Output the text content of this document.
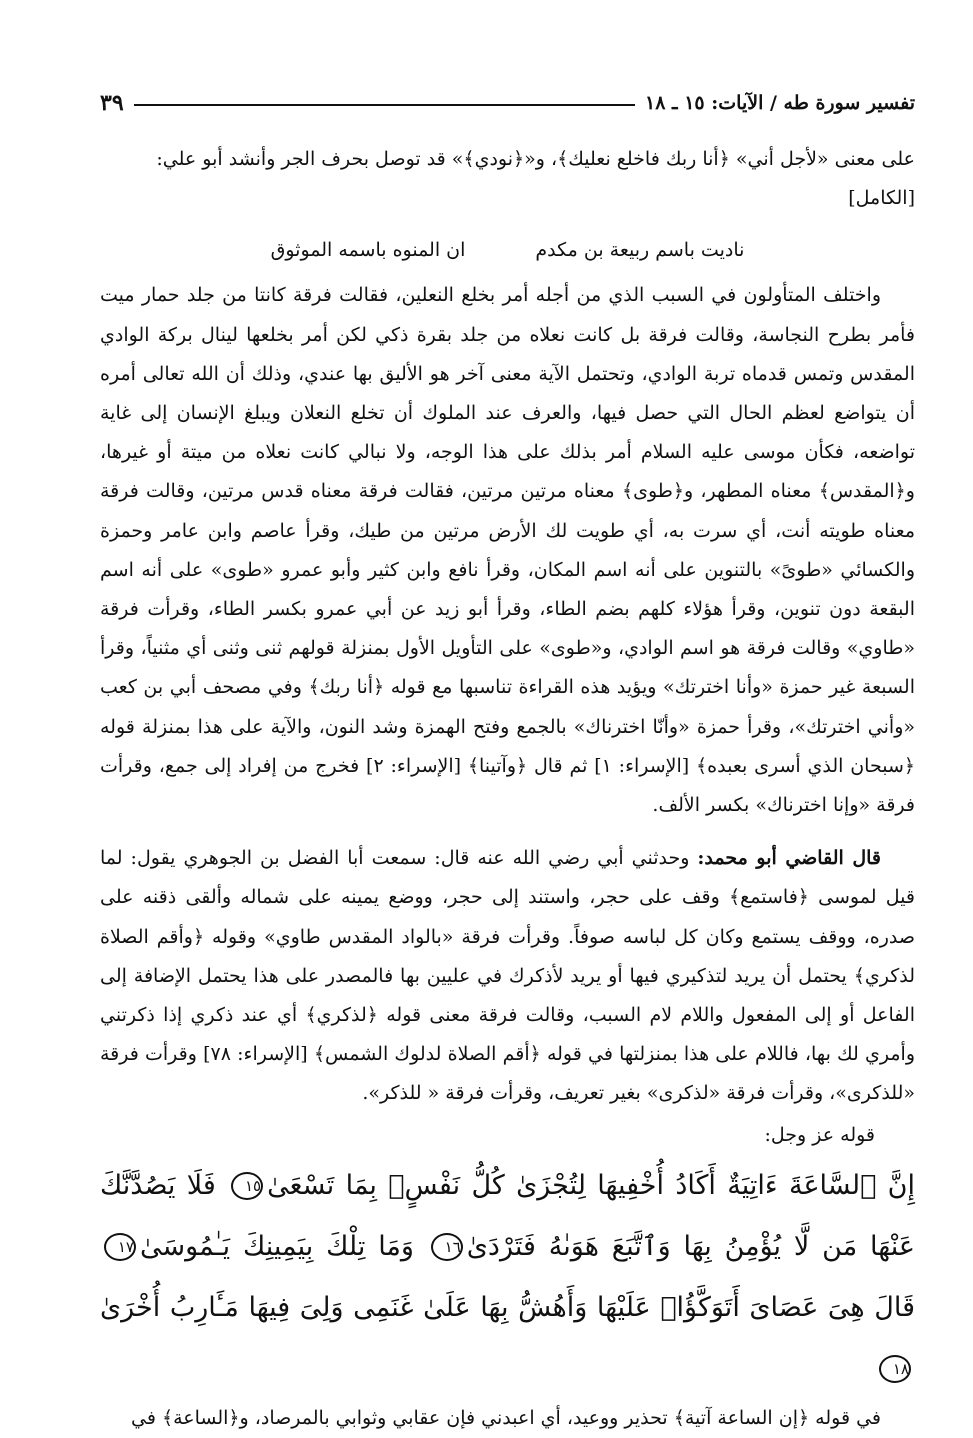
تفسير سورة طه / الآيات: ١٥ ـ ١٨
٣٩

على معنى «لأجل أني» ﴿أنا ربك فاخلع نعليك﴾، و«﴿نودي﴾» قد توصل بحرف الجر وأنشد أبو علي:

[الكامل]

ناديت باسم ربيعة بن مكدم
ان المنوه باسمه الموثوق

واختلف المتأولون في السبب الذي من أجله أمر بخلع النعلين، فقالت فرقة كانتا من جلد حمار ميت فأمر بطرح النجاسة، وقالت فرقة بل كانت نعلاه من جلد بقرة ذكي لكن أمر بخلعها لينال بركة الوادي المقدس وتمس قدماه تربة الوادي، وتحتمل الآية معنى آخر هو الأليق بها عندي، وذلك أن الله تعالى أمره أن يتواضع لعظم الحال التي حصل فيها، والعرف عند الملوك أن تخلع النعلان ويبلغ الإنسان إلى غاية تواضعه، فكأن موسى عليه السلام أمر بذلك على هذا الوجه، ولا نبالي كانت نعلاه من ميتة أو غيرها، و﴿المقدس﴾ معناه المطهر، و﴿طوى﴾ معناه مرتين مرتين، فقالت فرقة معناه قدس مرتين، وقالت فرقة معناه طويته أنت، أي سرت به، أي طويت لك الأرض مرتين من طيك، وقرأ عاصم وابن عامر وحمزة والكسائي «طوىً» بالتنوين على أنه اسم المكان، وقرأ نافع وابن كثير وأبو عمرو «طوى» على أنه اسم البقعة دون تنوين، وقرأ هؤلاء كلهم بضم الطاء، وقرأ أبو زيد عن أبي عمرو بكسر الطاء، وقرأت فرقة «طاوي» وقالت فرقة هو اسم الوادي، و«طوى» على التأويل الأول بمنزلة قولهم ثنى وثنى أي مثنياً، وقرأ السبعة غير حمزة «وأنا اخترتك» ويؤيد هذه القراءة تناسبها مع قوله ﴿أنا ربك﴾ وفي مصحف أبي بن كعب «وأني اخترتك»، وقرأ حمزة «وأنّا اخترناك» بالجمع وفتح الهمزة وشد النون، والآية على هذا بمنزلة قوله ﴿سبحان الذي أسرى بعبده﴾ [الإسراء: ١] ثم قال ﴿وآتينا﴾ [الإسراء: ٢] فخرج من إفراد إلى جمع، وقرأت فرقة «وإنا اخترناك» بكسر الألف.

قال القاضي أبو محمد: وحدثني أبي رضي الله عنه قال: سمعت أبا الفضل بن الجوهري يقول: لما قيل لموسى ﴿فاستمع﴾ وقف على حجر، واستند إلى حجر، ووضع يمينه على شماله وألقى ذقنه على صدره، ووقف يستمع وكان كل لباسه صوفاً. وقرأت فرقة «بالواد المقدس طاوي» وقوله ﴿وأقم الصلاة لذكري﴾ يحتمل أن يريد لتذكيري فيها أو يريد لأذكرك في عليين بها فالمصدر على هذا يحتمل الإضافة إلى الفاعل أو إلى المفعول واللام لام السبب، وقالت فرقة معنى قوله ﴿لذكري﴾ أي عند ذكري إذا ذكرتني وأمري لك بها، فاللام على هذا بمنزلتها في قوله ﴿أقم الصلاة لدلوك الشمس﴾ [الإسراء: ٧٨] وقرأت فرقة «للذكرى»، وقرأت فرقة «لذكرى» بغير تعريف، وقرأت فرقة « للذكر».

قوله عز وجل:

إِنَّ ٱلسَّاعَةَ ءَاتِيَةٌ أَكَادُ أُخْفِيهَا لِتُجْزَىٰ كُلُّ نَفْسٍۭ بِمَا تَسْعَىٰ١٥ فَلَا يَصُدَّنَّكَ عَنْهَا مَن لَّا يُؤْمِنُ بِهَا وَٱتَّبَعَ هَوَىٰهُ فَتَرْدَىٰ١٦ وَمَا تِلْكَ بِيَمِينِكَ يَـٰمُوسَىٰ١٧ قَالَ هِىَ عَصَاىَ أَتَوَكَّؤُا۟ عَلَيْهَا وَأَهُشُّ بِهَا عَلَىٰ غَنَمِى وَلِىَ فِيهَا مَـَٔارِبُ أُخْرَىٰ١٨

في قوله ﴿إن الساعة آتية﴾ تحذير ووعيد، أي اعبدني فإن عقابي وثوابي بالمرصاد، و﴿الساعة﴾ في
